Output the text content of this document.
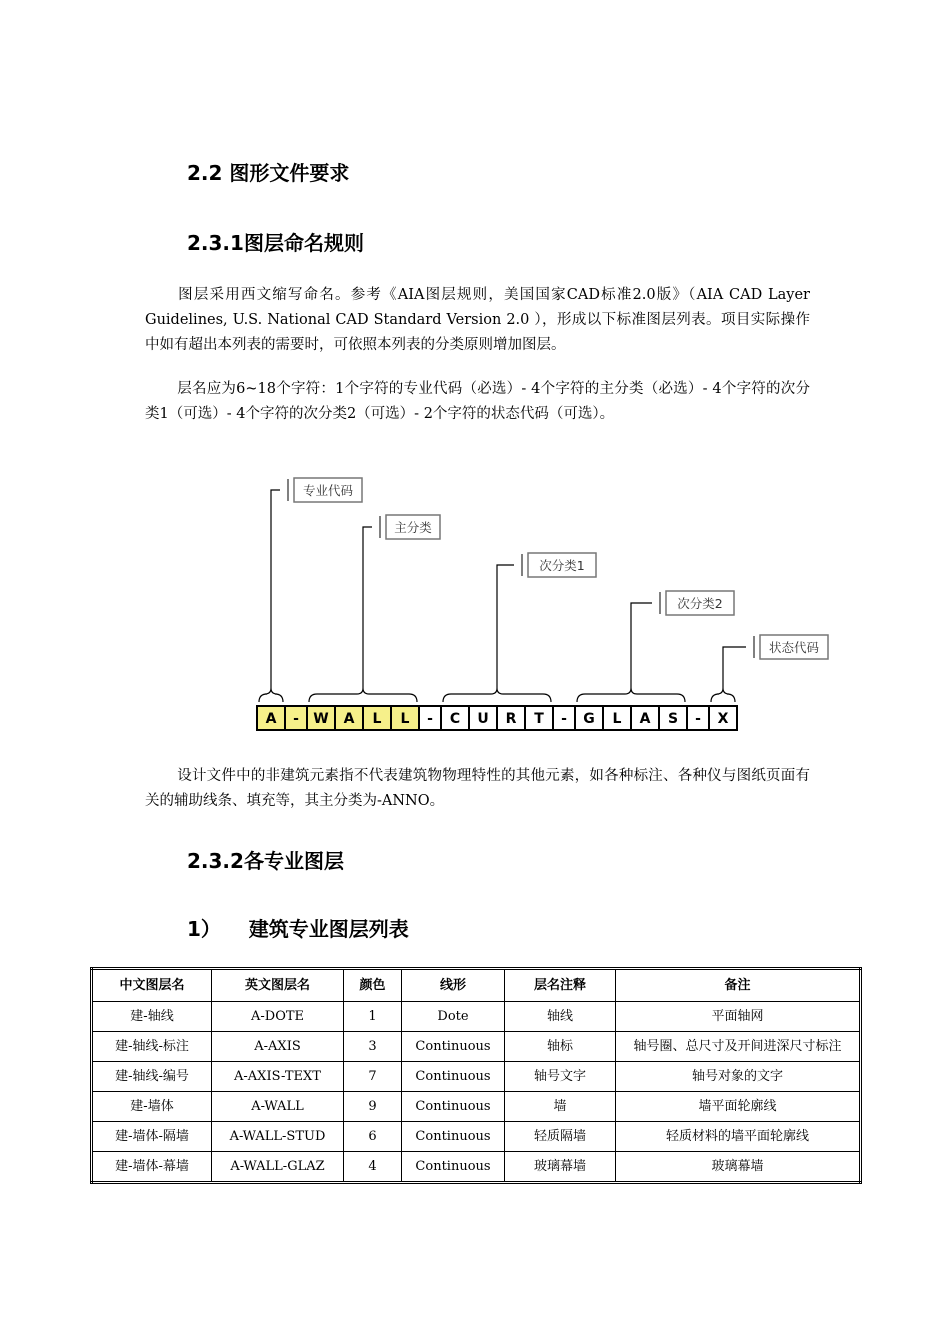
2.2 图形文件要求
2.3.1图层命名规则
图层采用西文缩写命名。参考《AIA图层规则，美国国家CAD标准2.0版》（AIA CAD Layer Guidelines, U.S. National CAD Standard Version 2.0 ），形成以下标准图层列表。项目实际操作中如有超出本列表的需要时，可依照本列表的分类原则增加图层。
层名应为6~18个字符：1个字符的专业代码（必选）- 4个字符的主分类（必选）- 4个字符的次分类1（可选）- 4个字符的次分类2（可选）- 2个字符的状态代码（可选）。
专业代码
主分类
次分类1
次分类2
状态代码
A - W A L L - C U R T - G L A S - X
设计文件中的非建筑元素指不代表建筑物物理特性的其他元素，如各种标注、各种仪与图纸页面有关的辅助线条、填充等，其主分类为-ANNO。
2.3.2各专业图层
1）    建筑专业图层列表
中文图层名	英文图层名	颜色	线形	层名注释	备注
建-轴线	A-DOTE	1	Dote	轴线	平面轴网
建-轴线-标注	A-AXIS	3	Continuous	轴标	轴号圈、总尺寸及开间进深尺寸标注
建-轴线-编号	A-AXIS-TEXT	7	Continuous	轴号文字	轴号对象的文字
建-墙体	A-WALL	9	Continuous	墙	墙平面轮廓线
建-墙体-隔墙	A-WALL-STUD	6	Continuous	轻质隔墙	轻质材料的墙平面轮廓线
建-墙体-幕墙	A-WALL-GLAZ	4	Continuous	玻璃幕墙	玻璃幕墙
